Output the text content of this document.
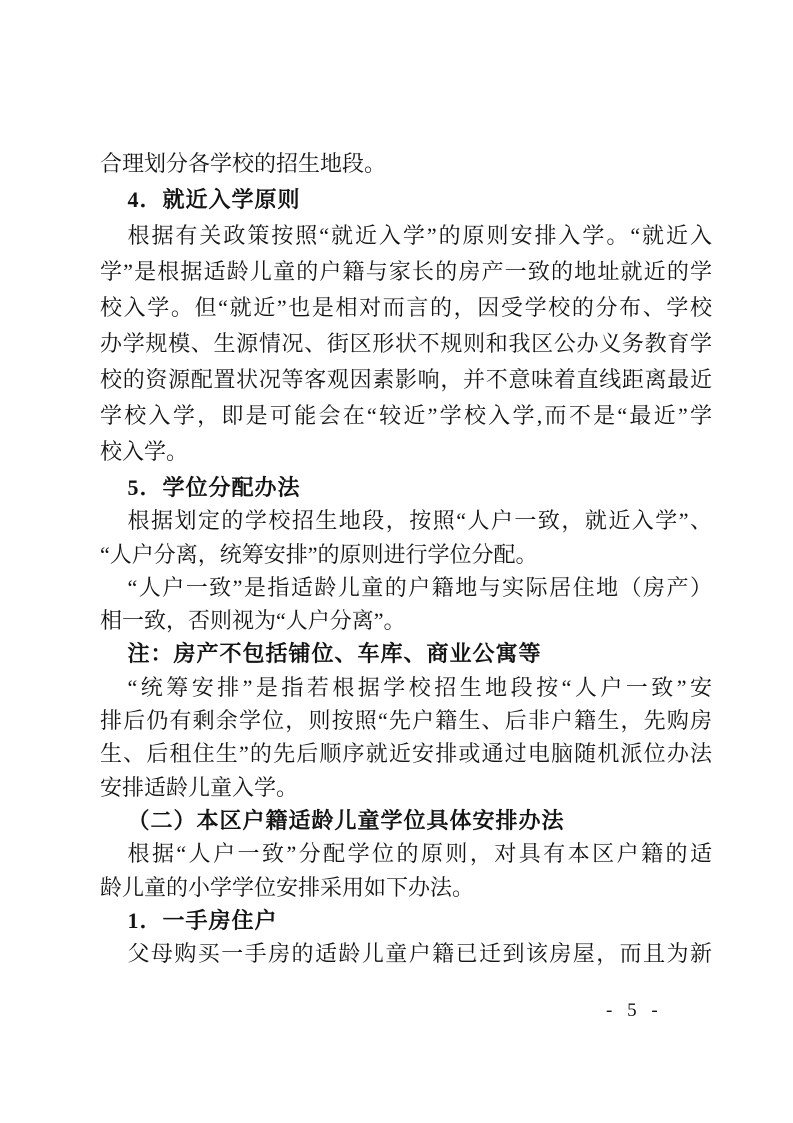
合理划分各学校的招生地段。
4．就近入学原则
根据有关政策按照“就近入学”的原则安排入学。“就近入
学”是根据适龄儿童的户籍与家长的房产一致的地址就近的学
校入学。但“就近”也是相对而言的，因受学校的分布、学校
办学规模、生源情况、街区形状不规则和我区公办义务教育学
校的资源配置状况等客观因素影响，并不意味着直线距离最近
学校入学，即是可能会在“较近”学校入学,而不是“最近”学
校入学。
5．学位分配办法
根据划定的学校招生地段，按照“人户一致，就近入学”、
“人户分离，统筹安排”的原则进行学位分配。
“人户一致”是指适龄儿童的户籍地与实际居住地（房产）
相一致，否则视为“人户分离”。
注：房产不包括铺位、车库、商业公寓等
“统筹安排”是指若根据学校招生地段按“人户一致”安
排后仍有剩余学位，则按照“先户籍生、后非户籍生，先购房
生、后租住生”的先后顺序就近安排或通过电脑随机派位办法
安排适龄儿童入学。
（二）本区户籍适龄儿童学位具体安排办法
根据“人户一致”分配学位的原则，对具有本区户籍的适
龄儿童的小学学位安排采用如下办法。
1．一手房住户
父母购买一手房的适龄儿童户籍已迁到该房屋，而且为新
- 5 -
